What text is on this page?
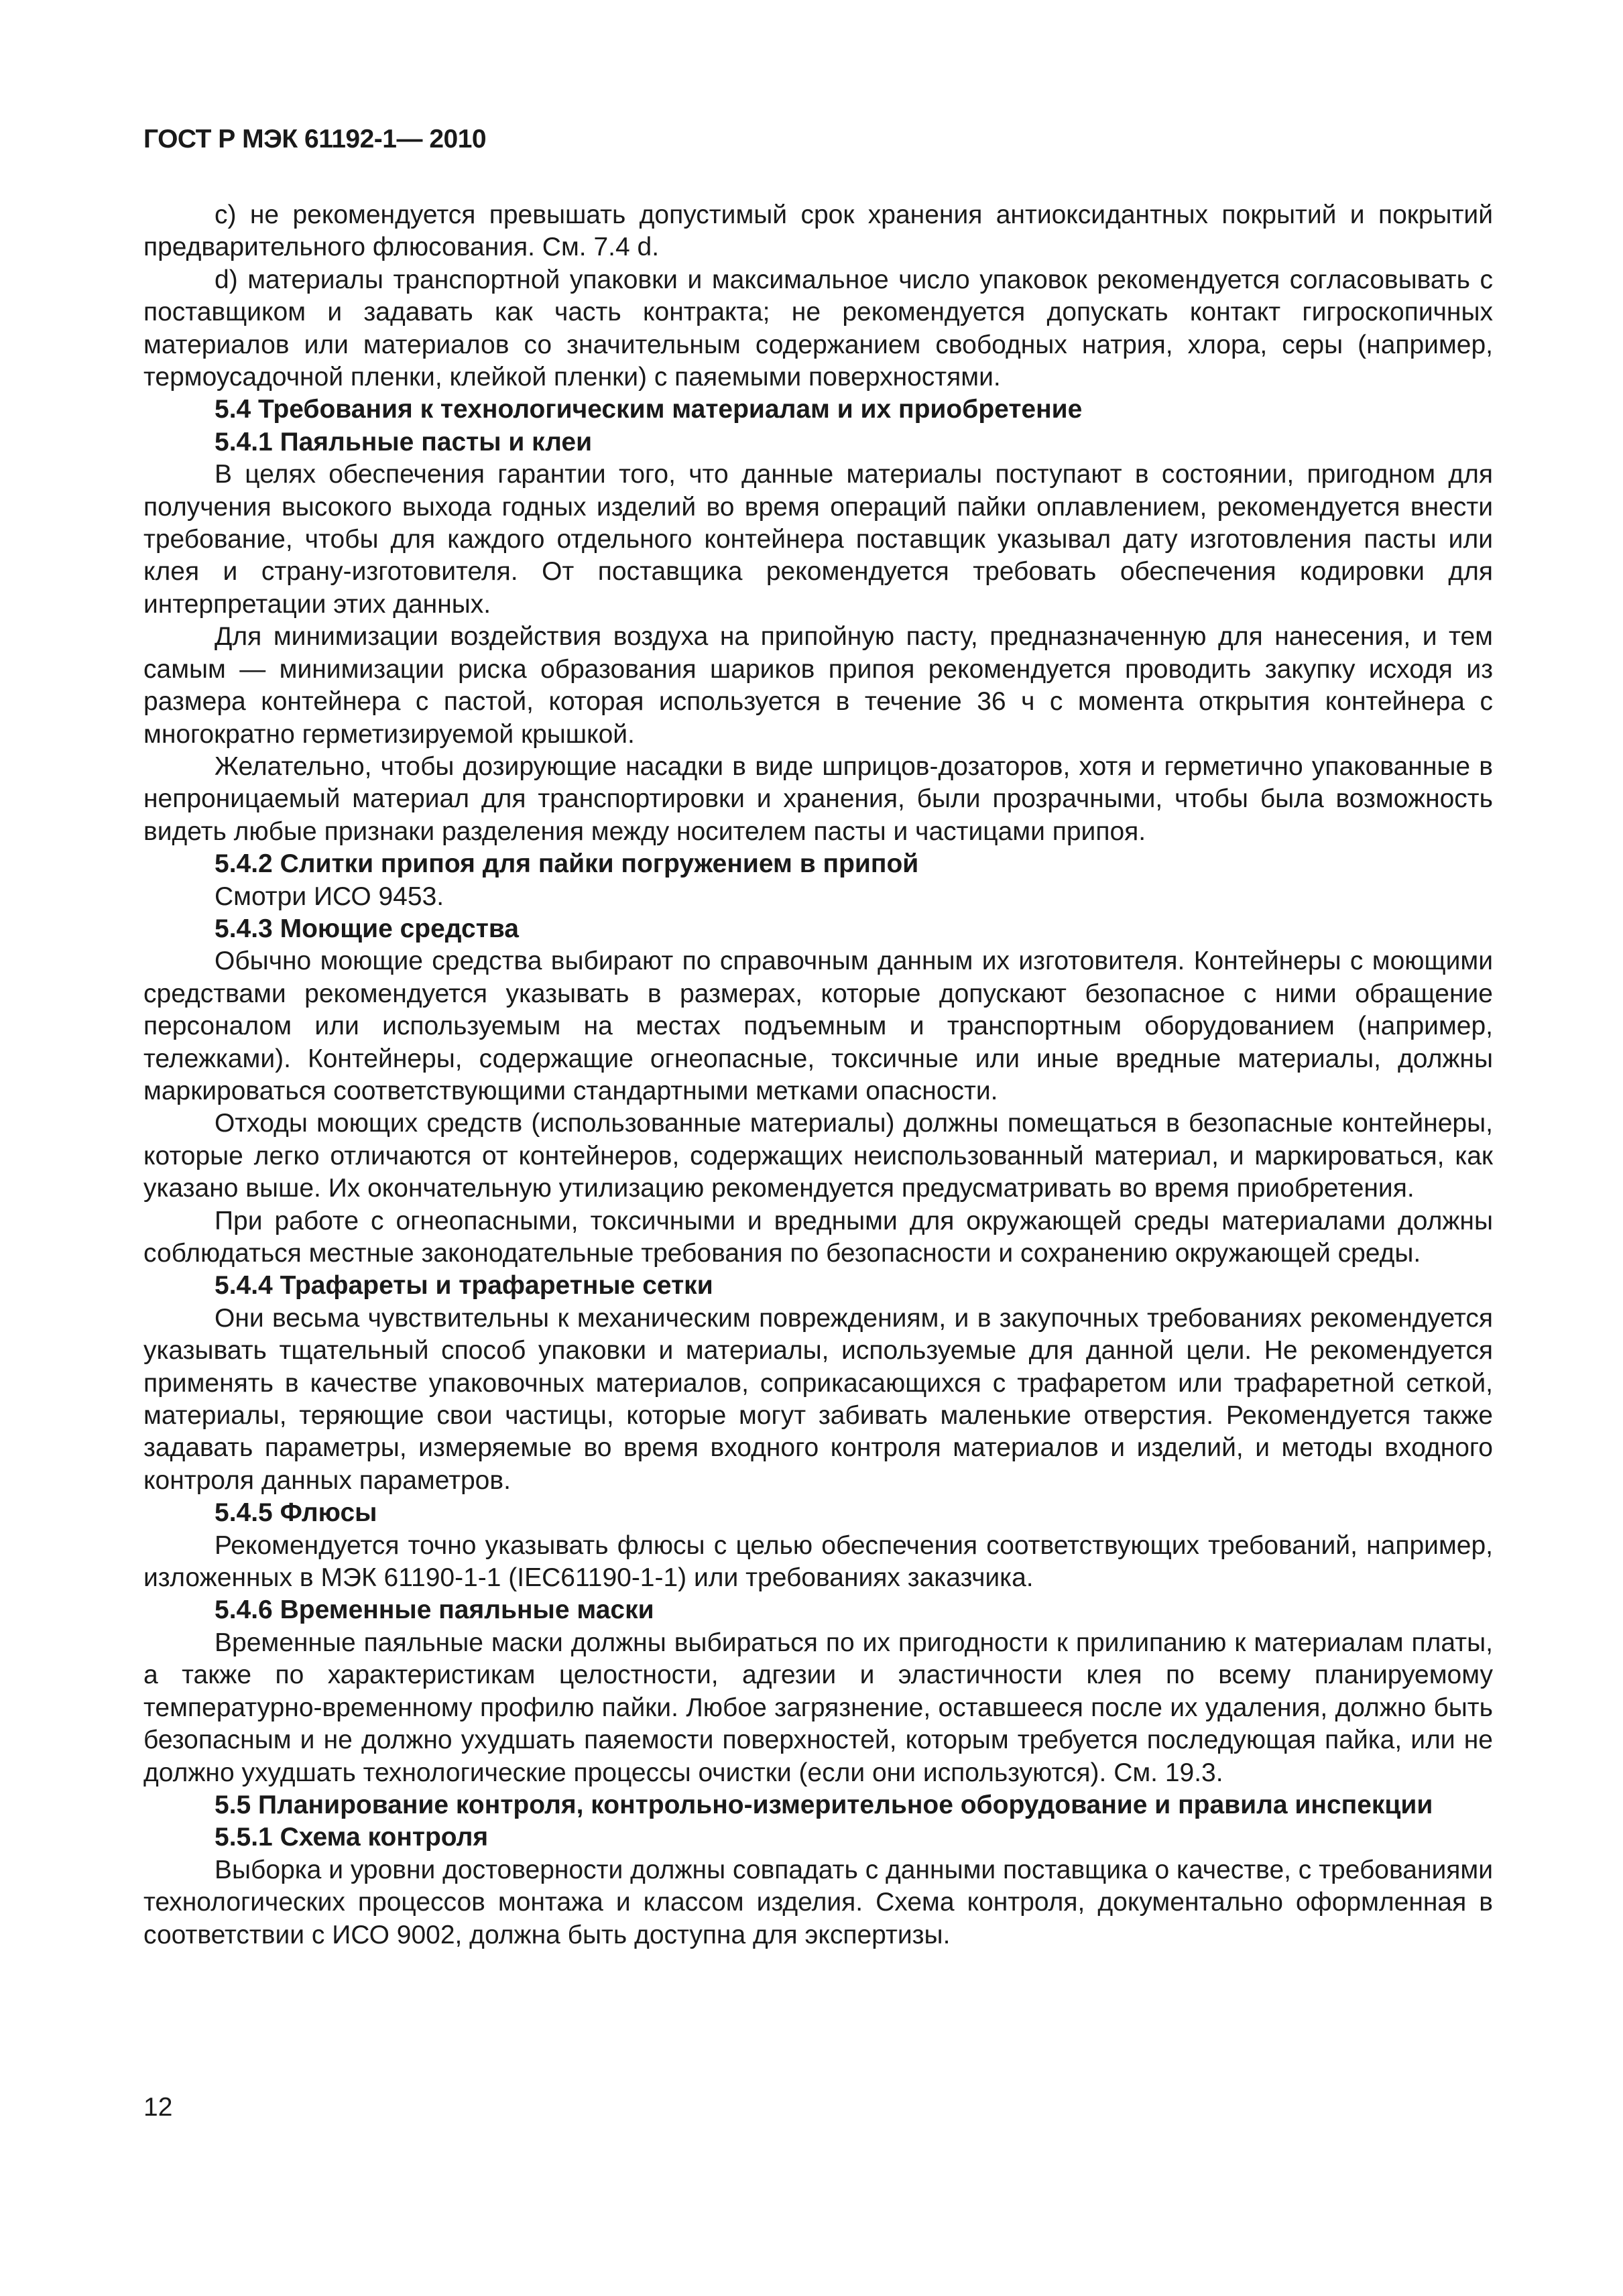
ГОСТ Р МЭК 61192-1— 2010

c) не рекомендуется превышать допустимый срок хранения антиоксидантных покрытий и покрытий предварительного флюсования. См. 7.4 d.

d) материалы транспортной упаковки и максимальное число упаковок рекомендуется согласовывать с поставщиком и задавать как часть контракта; не рекомендуется допускать контакт гигроскопичных материалов или материалов со значительным содержанием свободных натрия, хлора, серы (например, термоусадочной пленки, клейкой пленки) с паяемыми поверхностями.

5.4 Требования к технологическим материалам и их приобретение

5.4.1 Паяльные пасты и клеи

В целях обеспечения гарантии того, что данные материалы поступают в состоянии, пригодном для получения высокого выхода годных изделий во время операций пайки оплавлением, рекомендуется внести требование, чтобы для каждого отдельного контейнера поставщик указывал дату изготовления пасты или клея и страну-изготовителя. От поставщика рекомендуется требовать обеспечения кодировки для интерпретации этих данных.

Для минимизации воздействия воздуха на припойную пасту, предназначенную для нанесения, и тем самым — минимизации риска образования шариков припоя рекомендуется проводить закупку исходя из размера контейнера с пастой, которая используется в течение 36 ч с момента открытия контейнера с многократно герметизируемой крышкой.

Желательно, чтобы дозирующие насадки в виде шприцов-дозаторов, хотя и герметично упакованные в непроницаемый материал для транспортировки и хранения, были прозрачными, чтобы была возможность видеть любые признаки разделения между носителем пасты и частицами припоя.

5.4.2 Слитки припоя для пайки погружением в припой

Смотри ИСО 9453.

5.4.3 Моющие средства

Обычно моющие средства выбирают по справочным данным их изготовителя. Контейнеры с моющими средствами рекомендуется указывать в размерах, которые допускают безопасное с ними обращение персоналом или используемым на местах подъемным и транспортным оборудованием (например, тележками). Контейнеры, содержащие огнеопасные, токсичные или иные вредные материалы, должны маркироваться соответствующими стандартными метками опасности.

Отходы моющих средств (использованные материалы) должны помещаться в безопасные контейнеры, которые легко отличаются от контейнеров, содержащих неиспользованный материал, и маркироваться, как указано выше. Их окончательную утилизацию рекомендуется предусматривать во время приобретения.

При работе с огнеопасными, токсичными и вредными для окружающей среды материалами должны соблюдаться местные законодательные требования по безопасности и сохранению окружающей среды.

5.4.4 Трафареты и трафаретные сетки

Они весьма чувствительны к механическим повреждениям, и в закупочных требованиях рекомендуется указывать тщательный способ упаковки и материалы, используемые для данной цели. Не рекомендуется применять в качестве упаковочных материалов, соприкасающихся с трафаретом или трафаретной сеткой, материалы, теряющие свои частицы, которые могут забивать маленькие отверстия. Рекомендуется также задавать параметры, измеряемые во время входного контроля материалов и изделий, и методы входного контроля данных параметров.

5.4.5 Флюсы

Рекомендуется точно указывать флюсы с целью обеспечения соответствующих требований, например, изложенных в МЭК 61190-1-1 (IEC61190-1-1) или требованиях заказчика.

5.4.6 Временные паяльные маски

Временные паяльные маски должны выбираться по их пригодности к прилипанию к материалам платы, а также по характеристикам целостности, адгезии и эластичности клея по всему планируемому температурно-временному профилю пайки. Любое загрязнение, оставшееся после их удаления, должно быть безопасным и не должно ухудшать паяемости поверхностей, которым требуется последующая пайка, или не должно ухудшать технологические процессы очистки (если они используются). См. 19.3.

5.5 Планирование контроля, контрольно-измерительное оборудование и правила инспекции

5.5.1 Схема контроля

Выборка и уровни достоверности должны совпадать с данными поставщика о качестве, с требованиями технологических процессов монтажа и классом изделия. Схема контроля, документально оформленная в соответствии с ИСО 9002, должна быть доступна для экспертизы.

12
